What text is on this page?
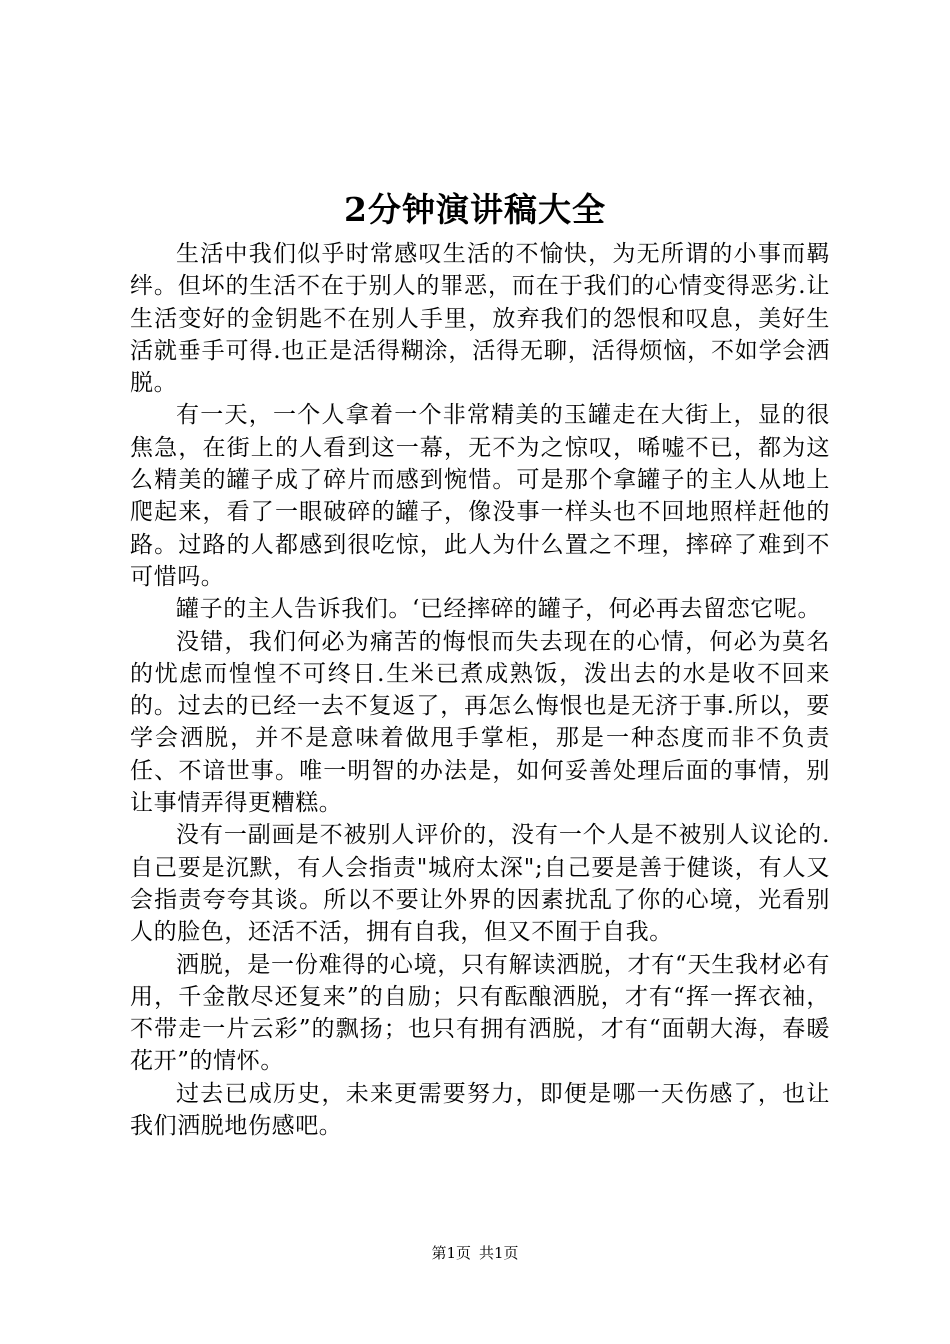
2分钟演讲稿大全

生活中我们似乎时常感叹生活的不愉快，为无所谓的小事而羁绊。但坏的生活不在于别人的罪恶，而在于我们的心情变得恶劣.让生活变好的金钥匙不在别人手里，放弃我们的怨恨和叹息，美好生活就垂手可得.也正是活得糊涂，活得无聊，活得烦恼，不如学会洒脱。

有一天，一个人拿着一个非常精美的玉罐走在大街上，显的很焦急，在街上的人看到这一幕，无不为之惊叹，唏嘘不已，都为这么精美的罐子成了碎片而感到惋惜。可是那个拿罐子的主人从地上爬起来，看了一眼破碎的罐子，像没事一样头也不回地照样赶他的路。过路的人都感到很吃惊，此人为什么置之不理，摔碎了难到不可惜吗。

罐子的主人告诉我们。‘已经摔碎的罐子，何必再去留恋它呢。

没错，我们何必为痛苦的悔恨而失去现在的心情，何必为莫名的忧虑而惶惶不可终日.生米已煮成熟饭，泼出去的水是收不回来的。过去的已经一去不复返了，再怎么悔恨也是无济于事.所以，要学会洒脱，并不是意味着做甩手掌柜，那是一种态度而非不负责任、不谙世事。唯一明智的办法是，如何妥善处理后面的事情，别让事情弄得更糟糕。

没有一副画是不被别人评价的，没有一个人是不被别人议论的.自己要是沉默，有人会指责"城府太深";自己要是善于健谈，有人又会指责夸夸其谈。所以不要让外界的因素扰乱了你的心境，光看别人的脸色，还活不活，拥有自我，但又不囿于自我。

洒脱，是一份难得的心境，只有解读洒脱，才有“天生我材必有用，千金散尽还复来”的自励；只有酝酿洒脱，才有“挥一挥衣袖，不带走一片云彩”的飘扬；也只有拥有洒脱，才有“面朝大海，春暖花开”的情怀。

过去已成历史，未来更需要努力，即便是哪一天伤感了，也让我们洒脱地伤感吧。

第1页 共1页
